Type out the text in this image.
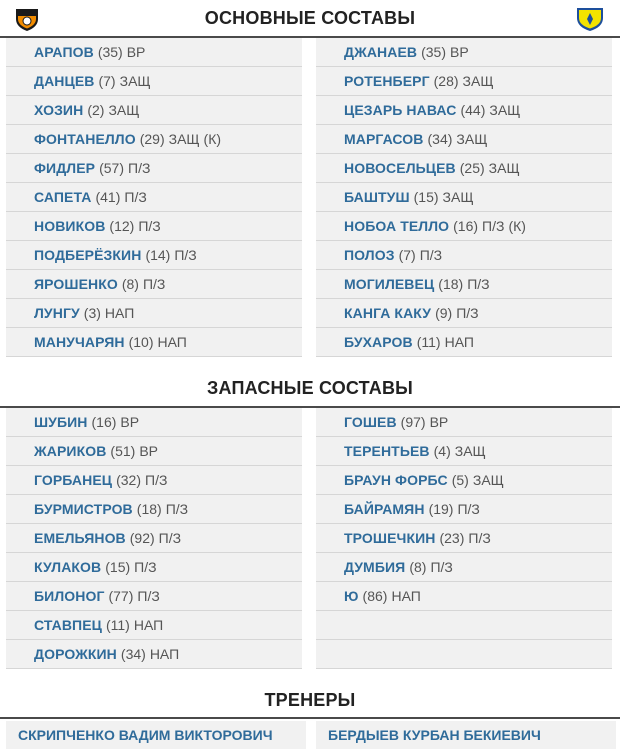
ОСНОВНЫЕ СОСТАВЫ
АРАПОВ (35) ВР
ДАНЦЕВ (7) ЗАЩ
ХОЗИН (2) ЗАЩ
ФОНТАНЕЛЛО (29) ЗАЩ (К)
ФИДЛЕР (57) П/З
САПЕТА (41) П/З
НОВИКОВ (12) П/З
ПОДБЕРЁЗКИН (14) П/З
ЯРОШЕНКО (8) П/З
ЛУНГУ (3) НАП
МАНУЧАРЯН (10) НАП
ДЖАНАЕВ (35) ВР
РОТЕНБЕРГ (28) ЗАЩ
ЦЕЗАРЬ НАВАС (44) ЗАЩ
МАРГАСОВ (34) ЗАЩ
НОВОСЕЛЬЦЕВ (25) ЗАЩ
БАШТУШ (15) ЗАЩ
НОБОА ТЕЛЛО (16) П/З (К)
ПОЛОЗ (7) П/З
МОГИЛЕВЕЦ (18) П/З
КАНГА КАКУ (9) П/З
БУХАРОВ (11) НАП
ЗАПАСНЫЕ СОСТАВЫ
ШУБИН (16) ВР
ЖАРИКОВ (51) ВР
ГОРБАНЕЦ (32) П/З
БУРМИСТРОВ (18) П/З
ЕМЕЛЬЯНОВ (92) П/З
КУЛАКОВ (15) П/З
БИЛОНОГ (77) П/З
СТАВПЕЦ (11) НАП
ДОРОЖКИН (34) НАП
ГОШЕВ (97) ВР
ТЕРЕНТЬЕВ (4) ЗАЩ
БРАУН ФОРБС (5) ЗАЩ
БАЙРАМЯН (19) П/З
ТРОШЕЧКИН (23) П/З
ДУМБИЯ (8) П/З
Ю (86) НАП
ТРЕНЕРЫ
СКРИПЧЕНКО ВАДИМ ВИКТОРОВИЧ	БЕРДЫЕВ КУРБАН БЕКИЕВИЧ
